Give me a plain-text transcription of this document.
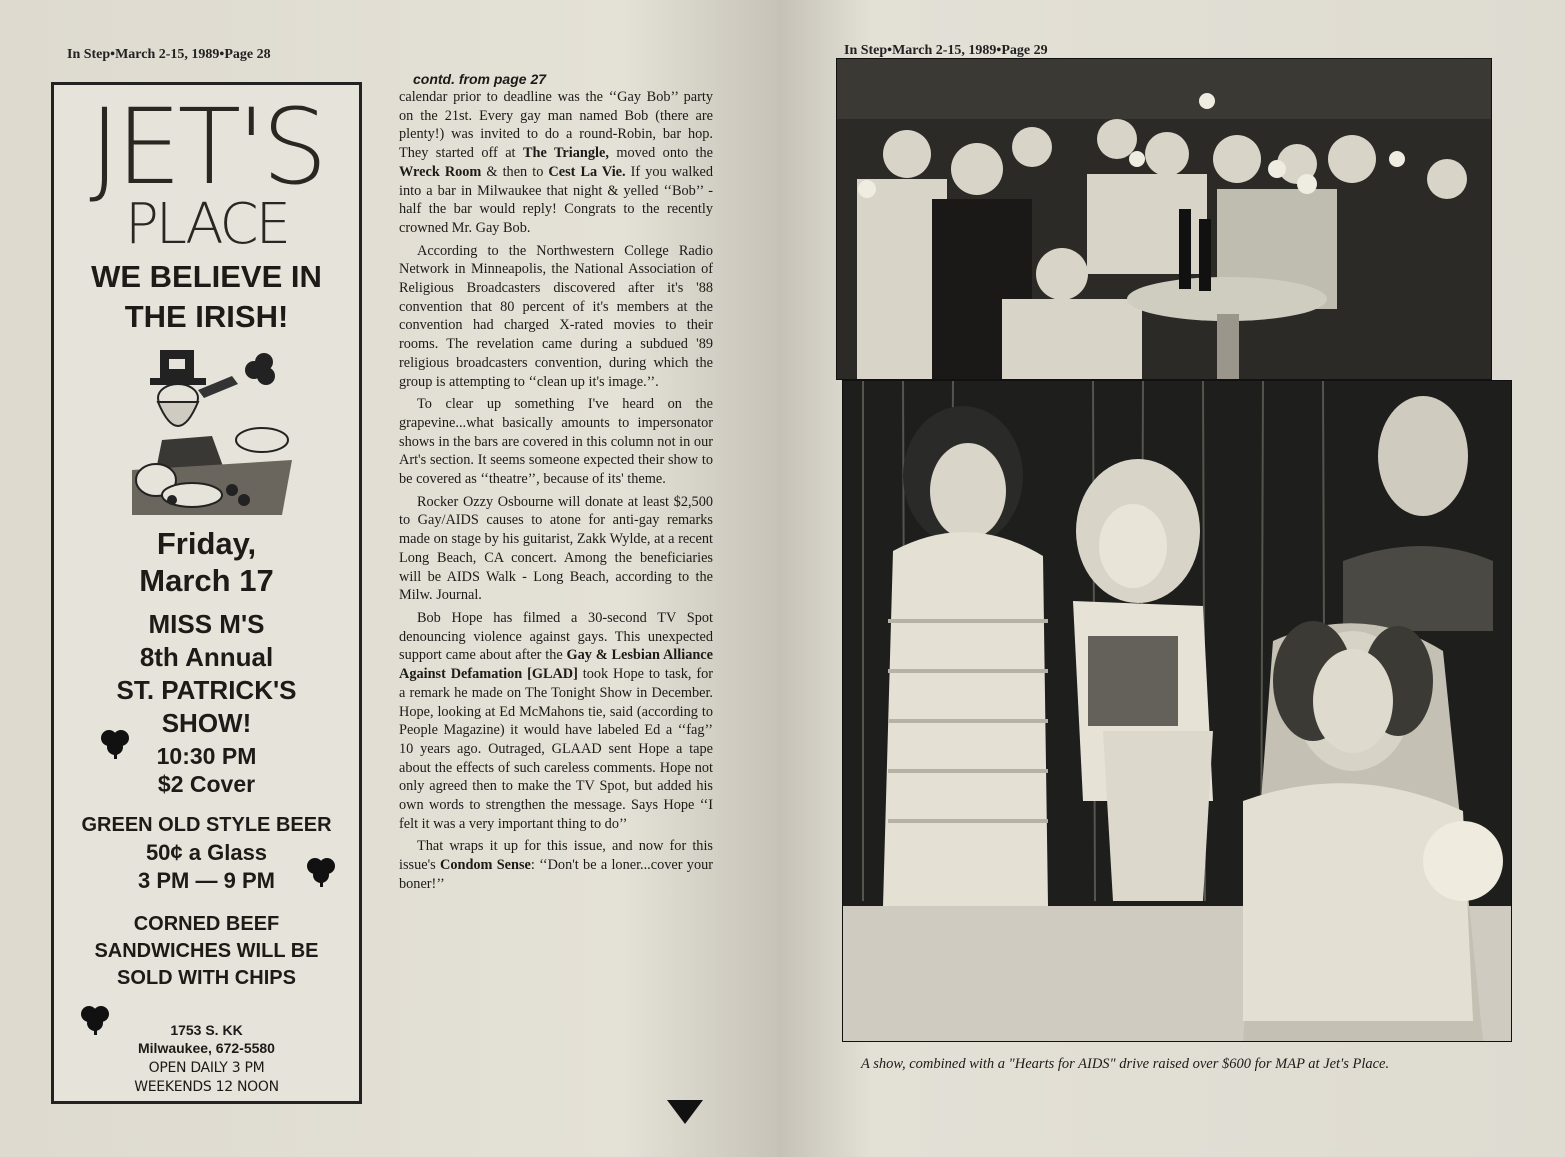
In Step•March 2-15, 1989•Page 28
JET'S
PLACE
WE BELIEVE IN
THE IRISH!
Friday,
March 17
MISS M'S
8th Annual
ST. PATRICK'S
SHOW!
10:30 PM
$2 Cover
GREEN OLD STYLE BEER
50¢ a Glass
3 PM — 9 PM
CORNED BEEF
SANDWICHES WILL BE
SOLD WITH CHIPS
1753 S. KK
Milwaukee, 672-5580
OPEN DAILY 3 PM
WEEKENDS 12 NOON
contd. from page 27

calendar prior to deadline was the ‘‘Gay Bob’’ party on the 21st. Every gay man named Bob (there are plenty!) was invited to do a round-Robin, bar hop. They started off at The Triangle, moved onto the Wreck Room & then to Cest La Vie. If you walked into a bar in Milwaukee that night & yelled ‘‘Bob’’ - half the bar would reply! Congrats to the recently crowned Mr. Gay Bob.

According to the Northwestern College Radio Network in Minneapolis, the National Association of Religious Broadcasters discovered after it's '88 convention that 80 percent of it's members at the convention had charged X-rated movies to their rooms. The revelation came during a subdued '89 religious broadcasters convention, during which the group is attempting to ‘‘clean up it's image.’’.

To clear up something I've heard on the grapevine...what basically amounts to impersonator shows in the bars are covered in this column not in our Art's section. It seems someone expected their show to be covered as ‘‘theatre’’, because of its' theme.

Rocker Ozzy Osbourne will donate at least $2,500 to Gay/AIDS causes to atone for anti-gay remarks made on stage by his guitarist, Zakk Wylde, at a recent Long Beach, CA concert. Among the beneficiaries will be AIDS Walk - Long Beach, according to the Milw. Journal.

Bob Hope has filmed a 30-second TV Spot denouncing violence against gays. This unexpected support came about after the Gay & Lesbian Alliance Against Defamation [GLAD] took Hope to task, for a remark he made on The Tonight Show in December. Hope, looking at Ed McMahons tie, said (according to People Magazine) it would have labeled Ed a ‘‘fag’’ 10 years ago. Outraged, GLAAD sent Hope a tape about the effects of such careless comments. Hope not only agreed then to make the TV Spot, but added his own words to strengthen the message. Says Hope ‘‘I felt it was a very important thing to do’’

That wraps it up for this issue, and now for this issue's Condom Sense: ‘‘Don't be a loner...cover your boner!’’

In Step•March 2-15, 1989•Page 29
A show, combined with a "Hearts for AIDS" drive raised over $600 for MAP at Jet's Place.
